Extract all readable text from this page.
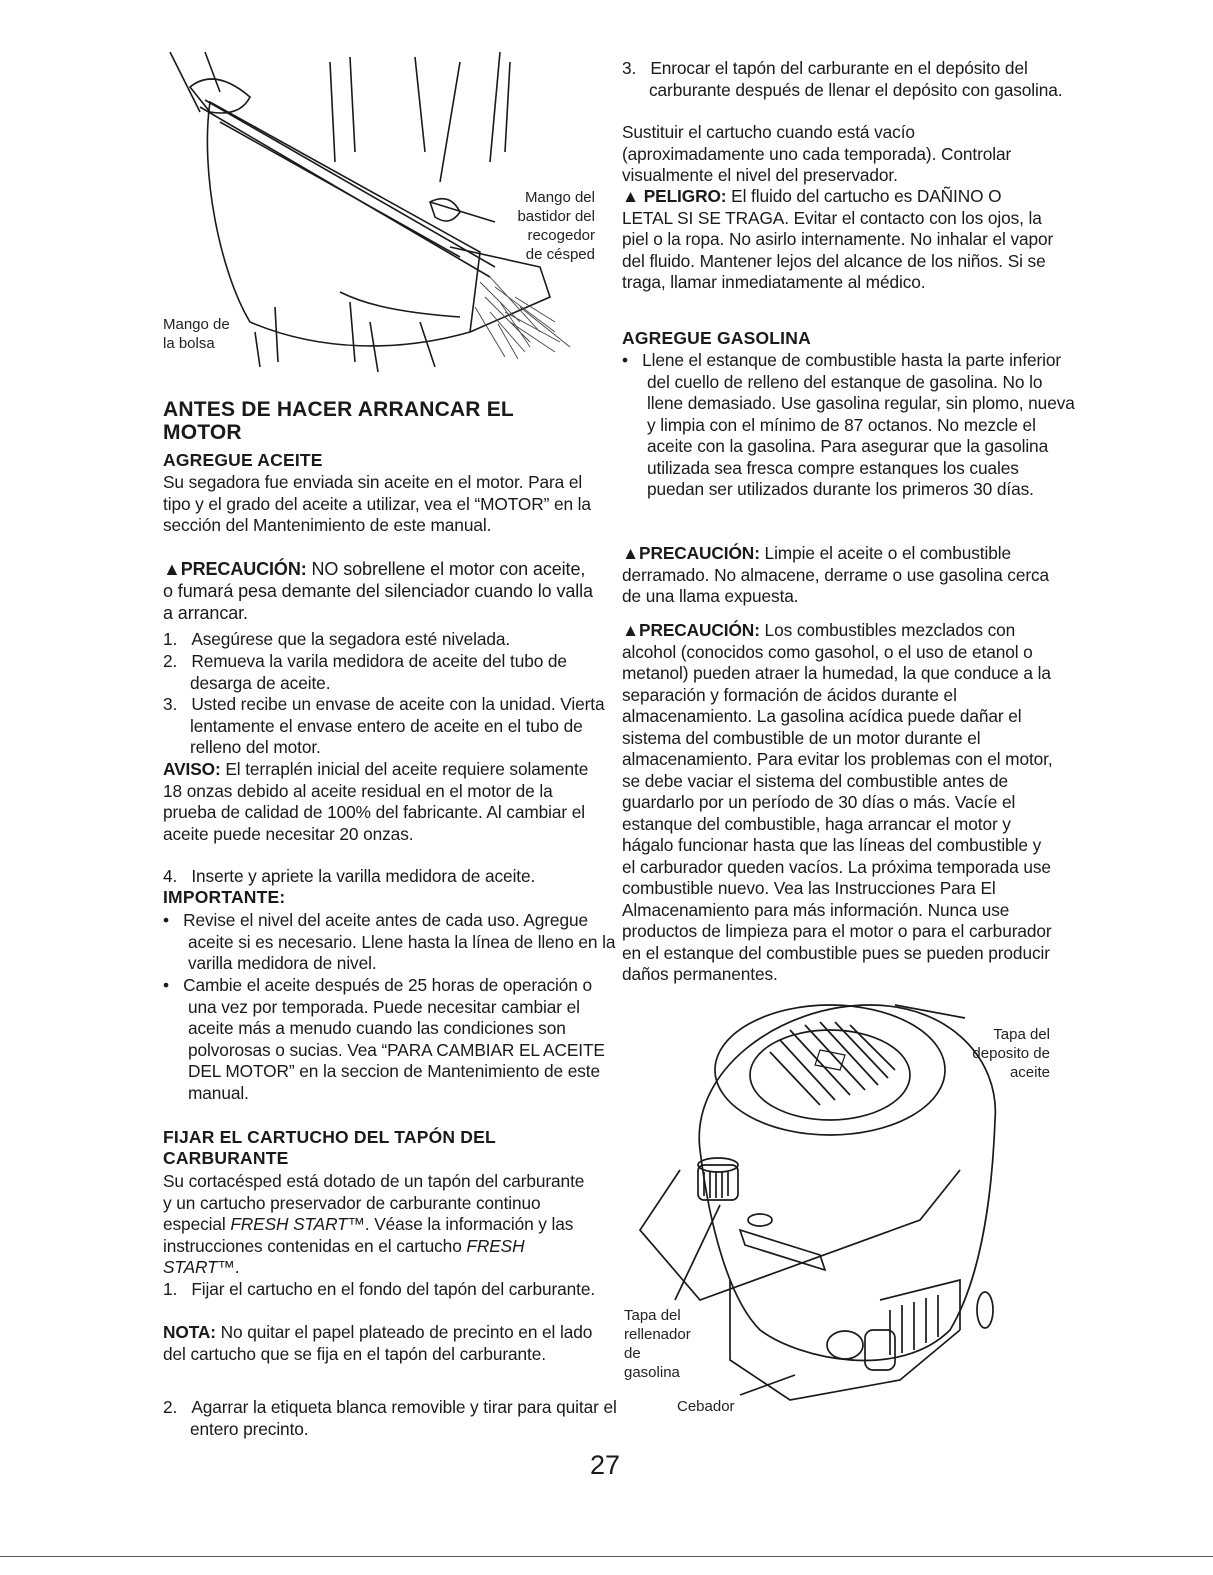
Mango del
bastidor del
recogedor
de césped
Mango de
la bolsa
ANTES DE HACER ARRANCAR EL MOTOR
AGREGUE ACEITE

Su segadora fue enviada sin aceite en el motor. Para el tipo y el grado del aceite a utilizar, vea el “MOTOR” en la sección del Mantenimiento de este manual.

▲PRECAUCIÓN: NO sobrellene el motor con aceite, o fumará pesa demante del silenciador cuando lo valla a arrancar.

1.   Asegúrese que la segadora esté nivelada.
2.   Remueva la varila medidora de aceite del tubo de desarga de aceite.
3.   Usted recibe un envase de aceite con la unidad. Vierta lentamente el envase entero de aceite en el tubo de relleno del motor.

AVISO: El terraplén inicial del aceite requiere solamente 18 onzas debido al aceite residual en el motor de la prueba de calidad de 100% del fabricante. Al cambiar el aceite puede necesitar 20 onzas.

4.   Inserte y apriete la varilla medidora de aceite.
IMPORTANTE:
•   Revise el nivel del aceite antes de cada uso. Agregue aceite si es necesario. Llene hasta la línea de lleno en la varilla medidora de nivel.
•   Cambie el aceite después de 25 horas de operación o una vez por temporada. Puede necesitar cambiar el aceite más a menudo cuando las condiciones son polvorosas o sucias. Vea “PARA CAMBIAR EL ACEITE DEL MOTOR” en la seccion de Mantenimiento de este manual.
FIJAR EL CARTUCHO DEL TAPÓN DEL CARBURANTE

Su cortacésped está dotado de un tapón del carburante y un cartucho preservador de carburante continuo especial FRESH START™. Véase la información y las instrucciones contenidas en el cartucho FRESH START™.

1.   Fijar el cartucho en el fondo del tapón del carburante.

NOTA: No quitar el papel plateado de precinto en el lado del cartucho que se fija en el tapón del carburante.

2.   Agarrar la etiqueta blanca removible y tirar para quitar el entero precinto.
3.   Enrocar el tapón del carburante en el depósito del carburante después de llenar el depósito con gasolina.

Sustituir el cartucho cuando está vacío (aproximadamente uno cada temporada). Controlar visualmente el nivel del preservador.

▲ PELIGRO: El fluido del cartucho es DAÑINO O LETAL SI SE TRAGA. Evitar el contacto con los ojos, la piel o la ropa. No asirlo internamente. No inhalar el vapor del fluido. Mantener lejos del alcance de los niños. Si se traga, llamar inmediatamente al médico.

AGREGUE GASOLINA
•   Llene el estanque de combustible hasta la parte inferior del cuello de relleno del estanque de gasolina. No lo llene demasiado. Use gasolina regular, sin plomo, nueva y limpia con el mínimo de 87 octanos. No mezcle el aceite con la gasolina. Para asegurar que la gasolina utilizada sea fresca compre estanques los cuales puedan ser utilizados durante los primeros 30 días.

▲PRECAUCIÓN: Limpie el aceite o el combustible derramado. No almacene, derrame o use gasolina cerca de una llama expuesta.

▲PRECAUCIÓN: Los combustibles mezclados con alcohol (conocidos como gasohol, o el uso de etanol o metanol) pueden atraer la humedad, la que conduce a la separación y formación de ácidos durante el almacenamiento. La gasolina acídica puede dañar el sistema del combustible de un motor durante el almacenamiento. Para evitar los problemas con el motor, se debe vaciar el sistema del combustible antes de guardarlo por un período de 30 días o más. Vacíe el estanque del combustible, haga arrancar el motor y hágalo funcionar hasta que las líneas del combustible y el carburador queden vacíos. La próxima temporada use combustible nuevo. Vea las Instrucciones Para El Almacenamiento para más información. Nunca use productos de limpieza para el motor o para el carburador en el estanque del combustible pues se pueden producir daños permanentes.

Tapa del
deposito de
aceite
Tapa del
rellenador
de
gasolina
Cebador
27
